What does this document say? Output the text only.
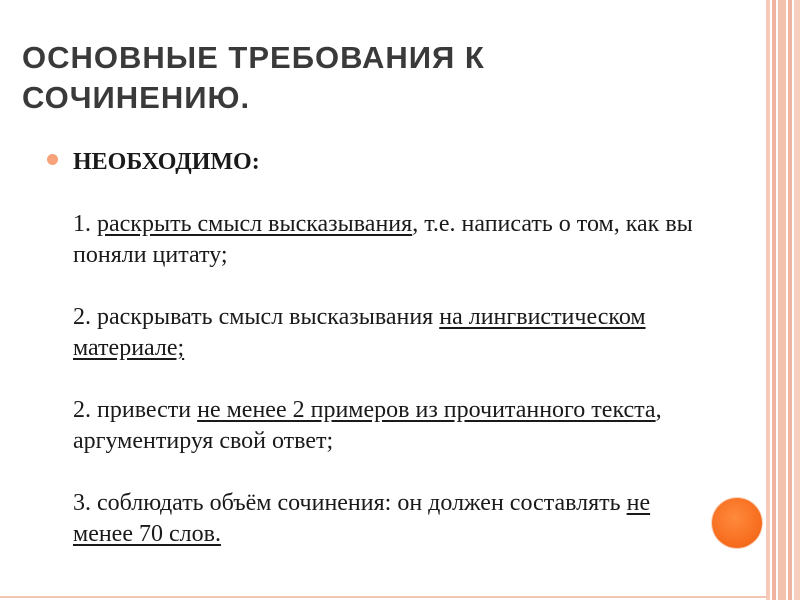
ОСНОВНЫЕ ТРЕБОВАНИЯ К СОЧИНЕНИЮ.
НЕОБХОДИМО:
1. раскрыть смысл высказывания, т.е. написать о том, как вы поняли цитату;
2. раскрывать смысл высказывания на лингвистическом материале;
2. привести не менее 2 примеров из прочитанного текста, аргументируя свой ответ;
3. соблюдать объём сочинения: он должен составлять не менее 70 слов.
